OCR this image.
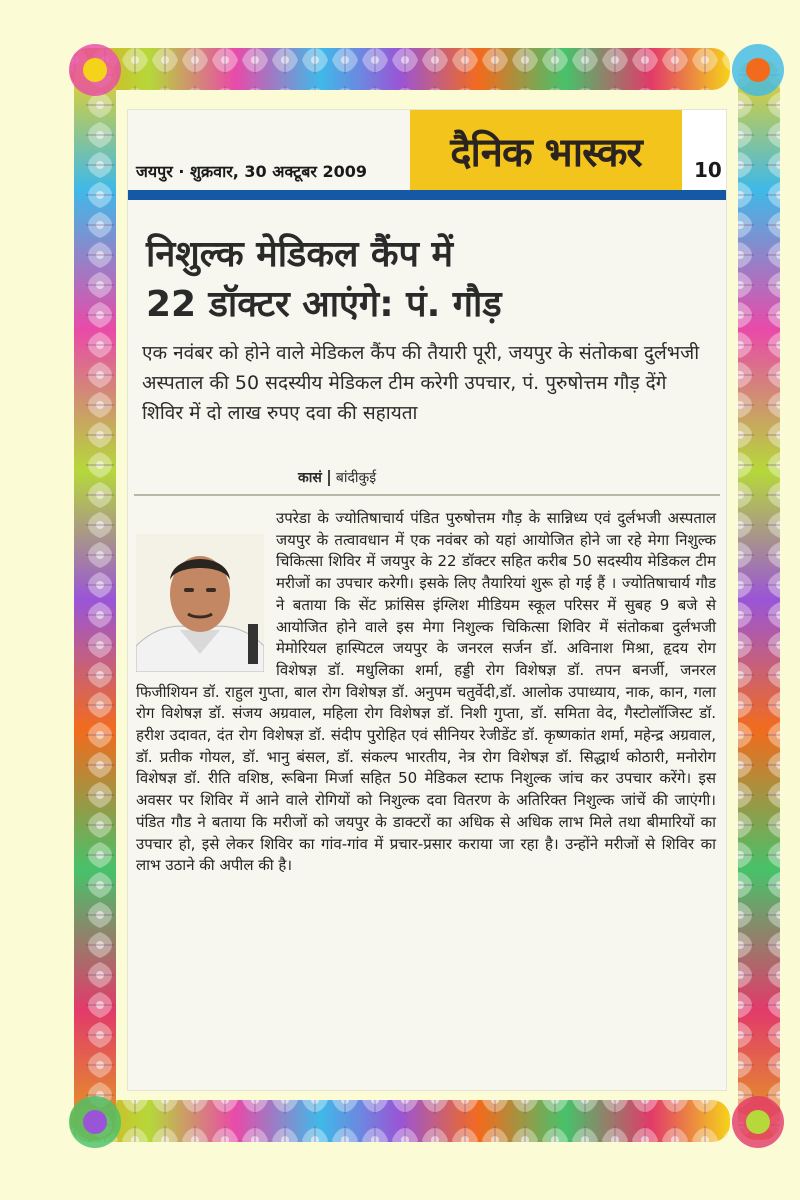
जयपुर · शुक्रवार, 30 अक्टूबर 2009 दैनिक भास्कर	10
निशुल्क मेडिकल कैंप में
22 डॉक्टर आएंगे: पं. गौड़
एक नवंबर को होने वाले मेडिकल कैंप की तैयारी पूरी, जयपुर के संतोकबा दुर्लभजी अस्पताल की 50 सदस्यीय मेडिकल टीम करेगी उपचार, पं. पुरुषोत्तम गौड़ देंगे शिविर में दो लाख रुपए दवा की सहायता
कासं बांदीकुई
उपरेडा के ज्योतिषाचार्य पंडित पुरुषोत्तम गौड़ के सान्निध्य एवं दुर्लभजी अस्पताल जयपुर के तत्वावधान में एक नवंबर को यहां आयोजित होने जा रहे मेगा निशुल्क चिकित्सा शिविर में जयपुर के 22 डॉक्टर सहित करीब 50 सदस्यीय मेडिकल टीम मरीजों का उपचार करेगी। इसके लिए तैयारियां शुरू हो गई हैं । ज्योतिषाचार्य गौड ने बताया कि सेंट फ्रांसिस इंग्लिश मीडियम स्कूल परिसर में सुबह 9 बजे से आयोजित होने वाले इस मेगा निशुल्क चिकित्सा शिविर में संतोकबा दुर्लभजी मेमोरियल हास्पिटल जयपुर के जनरल सर्जन डॉ. अविनाश मिश्रा, हृदय रोग विशेषज्ञ डॉ. मधुलिका शर्मा, हड्डी रोग विशेषज्ञ डॉ. तपन बनर्जी, जनरल फिजीशियन डॉ. राहुल गुप्ता, बाल रोग विशेषज्ञ डॉ. अनुपम चतुर्वेदी,डॉ. आलोक उपाध्याय, नाक, कान, गला रोग विशेषज्ञ डॉ. संजय अग्रवाल, महिला रोग विशेषज्ञ डॉ. निशी गुप्ता, डॉ. समिता वेद, गैस्टोलॉजिस्ट डॉ. हरीश उदावत, दंत रोग विशेषज्ञ डॉ. संदीप पुरोहित एवं सीनियर रेजीडेंट डॉ. कृष्णकांत शर्मा, महेन्द्र अग्रवाल, डॉ. प्रतीक गोयल, डॉ. भानु बंसल, डॉ. संकल्प भारतीय, नेत्र रोग विशेषज्ञ डॉ. सिद्धार्थ कोठारी, मनोरोग विशेषज्ञ डॉ. रीति वशिष्ठ, रूबिना मिर्जा सहित 50 मेडिकल स्टाफ निशुल्क जांच कर उपचार करेंगे। इस अवसर पर शिविर में आने वाले रोगियों को निशुल्क दवा वितरण के अतिरिक्त निशुल्क जांचें की जाएंगी। पंडित गौड ने बताया कि मरीजों को जयपुर के डाक्टरों का अधिक से अधिक लाभ मिले तथा बीमारियों का उपचार हो, इसे लेकर शिविर का गांव-गांव में प्रचार-प्रसार कराया जा रहा है। उन्होंने मरीजों से शिविर का लाभ उठाने की अपील की है।
